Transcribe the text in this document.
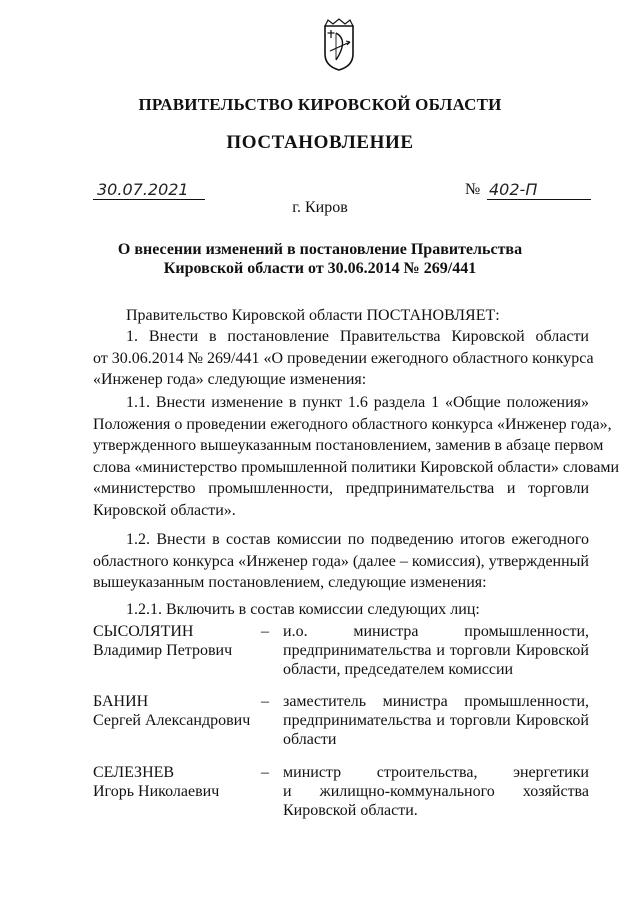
ПРАВИТЕЛЬСТВО КИРОВСКОЙ ОБЛАСТИ
ПОСТАНОВЛЕНИЕ
30.07.2021	№ 402-П
г. Киров
О внесении изменений в постановление Правительства
Кировской области от 30.06.2014 № 269/441
Правительство Кировской области ПОСТАНОВЛЯЕТ:
1. Внести в постановление Правительства Кировской области
от 30.06.2014 № 269/441 «О проведении ежегодного областного конкурса
«Инженер года» следующие изменения:
1.1. Внести изменение в пункт 1.6 раздела 1 «Общие положения»
Положения о проведении ежегодного областного конкурса «Инженер года»,
утвержденного вышеуказанным постановлением, заменив в абзаце первом
слова «министерство промышленной политики Кировской области» словами
«министерство промышленности, предпринимательства и торговли
Кировской области».
1.2. Внести в состав комиссии по подведению итогов ежегодного
областного конкурса «Инженер года» (далее – комиссия), утвержденный
вышеуказанным постановлением, следующие изменения:
1.2.1. Включить в состав комиссии следующих лиц:
СЫСОЛЯТИН
Владимир Петрович
– и.о. министра промышленности,
предпринимательства и торговли Кировской
области, председателем комиссии
БАНИН
Сергей Александрович
– заместитель министра промышленности,
предпринимательства и торговли Кировской
области
СЕЛЕЗНЕВ
Игорь Николаевич
– министр строительства, энергетики
и жилищно-коммунального хозяйства
Кировской области.
